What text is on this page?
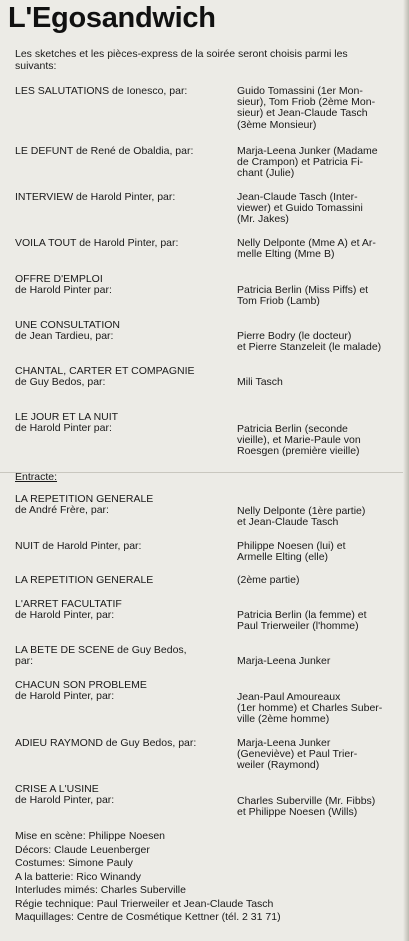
L'Egosandwich
Les sketches et les pièces-express de la soirée seront choisis parmi les
suivants:
LES SALUTATIONS de Ionesco, par:	Guido Tomassini (1er Mon-
sieur), Tom Friob (2ème Mon-
sieur) et Jean-Claude Tasch
(3ème Monsieur)
LE DEFUNT de René de Obaldia, par:	Marja-Leena Junker (Madame
de Crampon) et Patricia Fi-
chant (Julie)
INTERVIEW de Harold Pinter, par:	Jean-Claude Tasch (Inter-
viewer) et Guido Tomassini
(Mr. Jakes)
VOILA TOUT de Harold Pinter, par:	Nelly Delponte (Mme A) et Ar-
melle Elting (Mme B)
OFFRE D'EMPLOI
de Harold Pinter par:	Patricia Berlin (Miss Piffs) et
Tom Friob (Lamb)
UNE CONSULTATION
de Jean Tardieu, par:	Pierre Bodry (le docteur)
et Pierre Stanzeleit (le malade)
CHANTAL, CARTER ET COMPAGNIE
de Guy Bedos, par:	Mili Tasch
LE JOUR ET LA NUIT
de Harold Pinter par:	Patricia Berlin (seconde
vieille), et Marie-Paule von
Roesgen (première vieille)
Entracte:
LA REPETITION GENERALE
de André Frère, par:	Nelly Delponte (1ère partie)
et Jean-Claude Tasch
NUIT de Harold Pinter, par:	Philippe Noesen (lui) et
Armelle Elting (elle)
LA REPETITION GENERALE	(2ème partie)
L'ARRET FACULTATIF
de Harold Pinter, par:	Patricia Berlin (la femme) et
Paul Trierweiler (l'homme)
LA BETE DE SCENE de Guy Bedos,
par:	Marja-Leena Junker
CHACUN SON PROBLEME
de Harold Pinter, par:	Jean-Paul Amoureaux
(1er homme) et Charles Suber-
ville (2ème homme)
ADIEU RAYMOND de Guy Bedos, par:	Marja-Leena Junker
(Geneviève) et Paul Trier-
weiler (Raymond)
CRISE A L'USINE
de Harold Pinter, par:	Charles Suberville (Mr. Fibbs)
et Philippe Noesen (Wills)
Mise en scène: Philippe Noesen
Décors: Claude Leuenberger
Costumes: Simone Pauly
A la batterie: Rico Winandy
Interludes mimés: Charles Suberville
Régie technique: Paul Trierweiler et Jean-Claude Tasch
Maquillages: Centre de Cosmétique Kettner (tél. 2 31 71)
